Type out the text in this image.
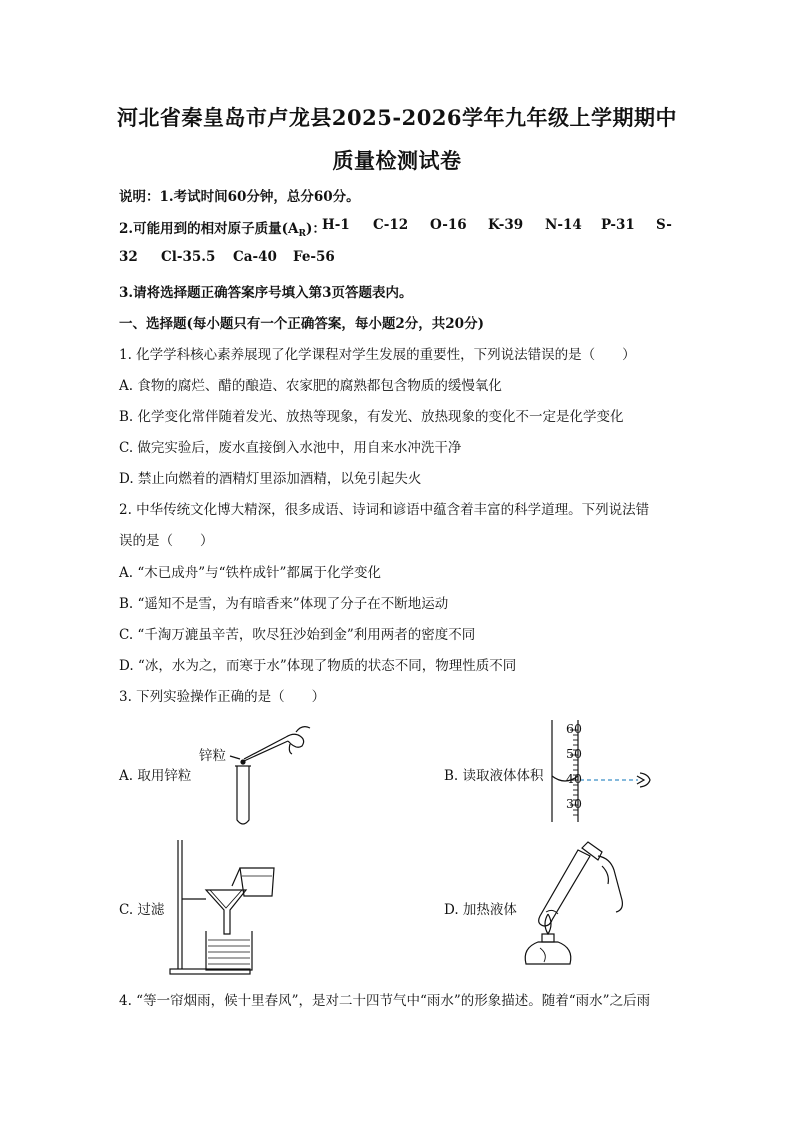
河北省秦皇岛市卢龙县2025-2026学年九年级上学期期中
质量检测试卷
说明：1.考试时间60分钟，总分60分。
2.可能用到的相对原子质量$(A_R)$：
H-1 C-12 O-16 K-39 N-14 P-31 S-
32 Cl-35.5 Ca-40 Fe-56
3.请将选择题正确答案序号填入第3页答题表内。
一、选择题(每小题只有一个正确答案，每小题2分，共20分)
1. 化学学科核心素养展现了化学课程对学生发展的重要性，下列说法错误的是（　　）
A. 食物的腐烂、醋的酿造、农家肥的腐熟都包含物质的缓慢氧化
B. 化学变化常伴随着发光、放热等现象，有发光、放热现象的变化不一定是化学变化
C. 做完实验后，废水直接倒入水池中，用自来水冲洗干净
D. 禁止向燃着的酒精灯里添加酒精，以免引起失火
2. 中华传统文化博大精深，很多成语、诗词和谚语中蕴含着丰富的科学道理。下列说法错
误的是（　　）
A. “木已成舟”与“铁杵成针”都属于化学变化
B. “遥知不是雪，为有暗香来”体现了分子在不断地运动
C. “千淘万漉虽辛苦，吹尽狂沙始到金”利用两者的密度不同
D. “冰，水为之，而寒于水”体现了物质的状态不同，物理性质不同
3. 下列实验操作正确的是（　　）
A. 取用锌粒
锌粒
B. 读取液体体积
60
50
40
30
C. 过滤	D. 加热液体
4. “等一帘烟雨，候十里春风”，是对二十四节气中“雨水”的形象描述。随着“雨水”之后雨
